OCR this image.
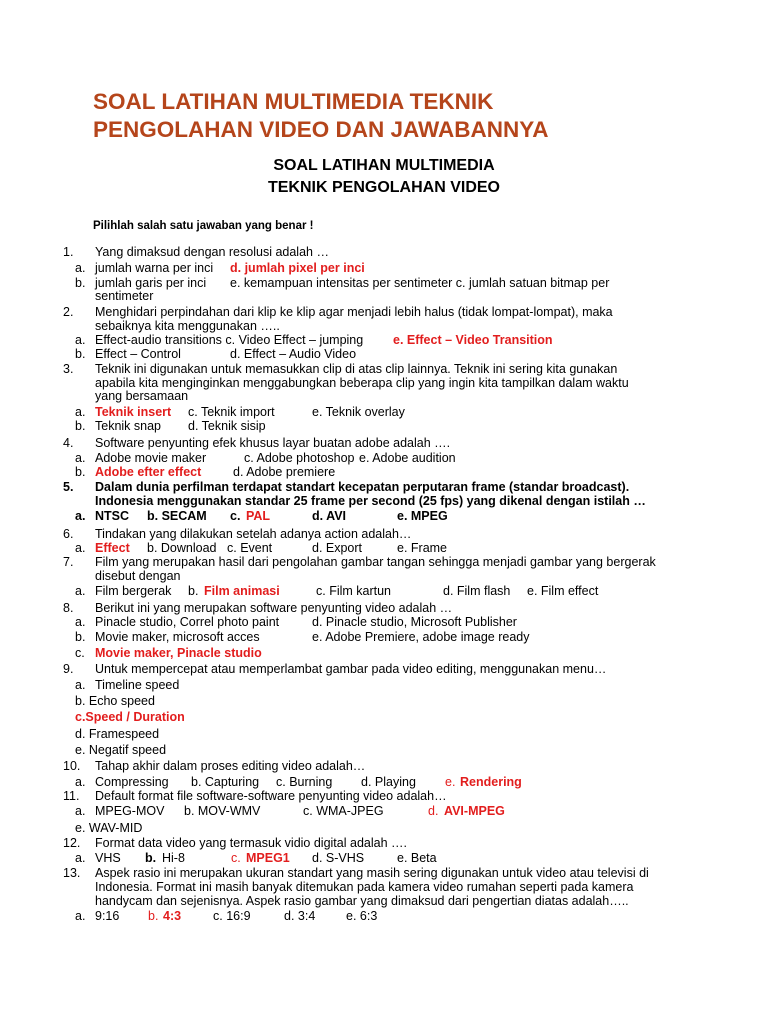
SOAL LATIHAN MULTIMEDIA TEKNIK
PENGOLAHAN VIDEO DAN JAWABANNYA
SOAL LATIHAN MULTIMEDIA
TEKNIK PENGOLAHAN VIDEO
Pilihlah salah satu jawaban yang benar !
1. Yang dimaksud dengan resolusi adalah …
a. jumlah warna per inci d. jumlah pixel per inci
b. jumlah garis per inci e. kemampuan intensitas per sentimeter c. jumlah satuan bitmap per
sentimeter
2. Menghidari perpindahan dari klip ke klip agar menjadi lebih halus (tidak lompat-lompat), maka
sebaiknya kita menggunakan …..
a. Effect-audio transitions c. Video Effect – jumping e. Effect – Video Transition
b. Effect – Control	d. Effect – Audio Video
3. Teknik ini digunakan untuk memasukkan clip di atas clip lainnya. Teknik ini sering kita gunakan
apabila kita menginginkan menggabungkan beberapa clip yang ingin kita tampilkan dalam waktu
yang bersamaan
a. Teknik insert c. Teknik import	e. Teknik overlay
b. Teknik snap d. Teknik sisip
4. Software penyunting efek khusus layar buatan adobe adalah ….
a. Adobe movie maker	c. Adobe photoshop e. Adobe audition
b. Adobe efter effect	d. Adobe premiere
5. Dalam dunia perfilman terdapat standart kecepatan perputaran frame (standar broadcast).
Indonesia menggunakan standar 25 frame per second (25 fps) yang dikenal dengan istilah …
a. NTSC b. SECAM c. PAL	d. AVI	e. MPEG
6. Tindakan yang dilakukan setelah adanya action adalah…
a. Effect b. Download c. Event	d. Export	e. Frame
7. Film yang merupakan hasil dari pengolahan gambar tangan sehingga menjadi gambar yang bergerak
disebut dengan
a. Film bergerak b. Film animasi	c. Film kartun	d. Film flash e. Film effect
8. Berikut ini yang merupakan software penyunting video adalah …
a. Pinacle studio, Correl photo paint	d. Pinacle studio, Microsoft Publisher
b. Movie maker, microsoft acces	e. Adobe Premiere, adobe image ready
c. Movie maker, Pinacle studio
9. Untuk mempercepat atau memperlambat gambar pada video editing, menggunakan menu…
a. Timeline speed
b. Echo speed
c.Speed / Duration
d. Framespeed
e. Negatif speed
10. Tahap akhir dalam proses editing video adalah…
a. Compressing b. Capturing c. Burning d. Playing e. Rendering
11. Default format file software-software penyunting video adalah…
a. MPEG-MOV b. MOV-WMV	c. WMA-JPEG	d. AVI-MPEG
e. WAV-MID
12. Format data video yang termasuk vidio digital adalah ….
a. VHS b. Hi-8	c. MPEG1 d. S-VHS	e. Beta
13. Aspek rasio ini merupakan ukuran standart yang masih sering digunakan untuk video atau televisi di
Indonesia. Format ini masih banyak ditemukan pada kamera video rumahan seperti pada kamera
handycam dan sejenisnya. Aspek rasio gambar yang dimaksud dari pengertian diatas adalah…..
a. 9:16 b. 4:3	c. 16:9	d. 3:4 e. 6:3
